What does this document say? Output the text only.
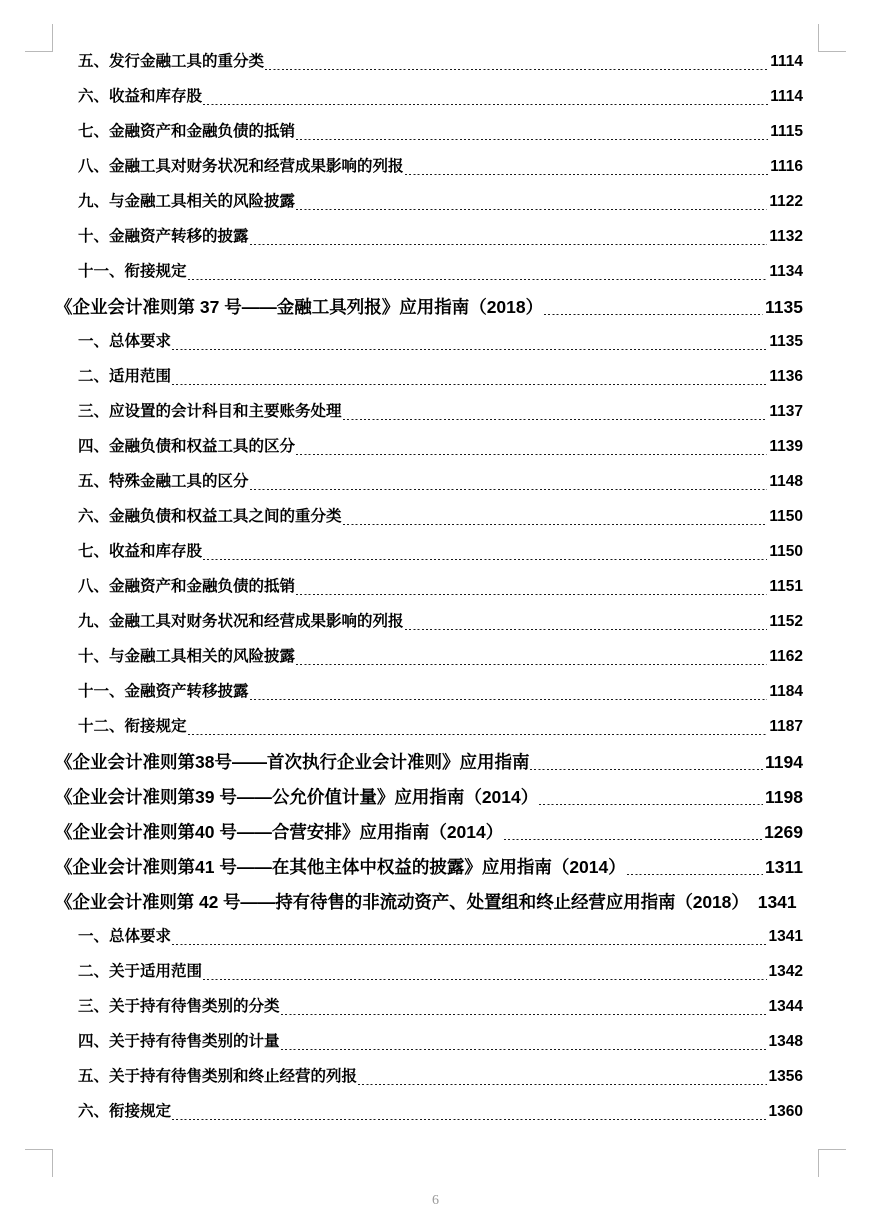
五、发行金融工具的重分类	1114
六、收益和库存股	1114
七、金融资产和金融负债的抵销	1115
八、金融工具对财务状况和经营成果影响的列报	1116
九、与金融工具相关的风险披露	1122
十、金融资产转移的披露	1132
十一、衔接规定	1134
《企业会计准则第 37 号——金融工具列报》应用指南（2018）	1135
一、总体要求	1135
二、适用范围	1136
三、应设置的会计科目和主要账务处理	1137
四、金融负债和权益工具的区分	1139
五、特殊金融工具的区分	1148
六、金融负债和权益工具之间的重分类	1150
七、收益和库存股	1150
八、金融资产和金融负债的抵销	1151
九、金融工具对财务状况和经营成果影响的列报	1152
十、与金融工具相关的风险披露	1162
十一、金融资产转移披露	1184
十二、衔接规定	1187
《企业会计准则第38号——首次执行企业会计准则》应用指南	1194
《企业会计准则第39 号——公允价值计量》应用指南（2014）	1198
《企业会计准则第40 号——合营安排》应用指南（2014）	1269
《企业会计准则第41 号——在其他主体中权益的披露》应用指南（2014）	1311
《企业会计准则第 42 号——持有待售的非流动资产、处置组和终止经营应用指南（2018） 1341
一、总体要求	1341
二、关于适用范围	1342
三、关于持有待售类别的分类	1344
四、关于持有待售类别的计量	1348
五、关于持有待售类别和终止经营的列报	1356
六、衔接规定	1360
6
